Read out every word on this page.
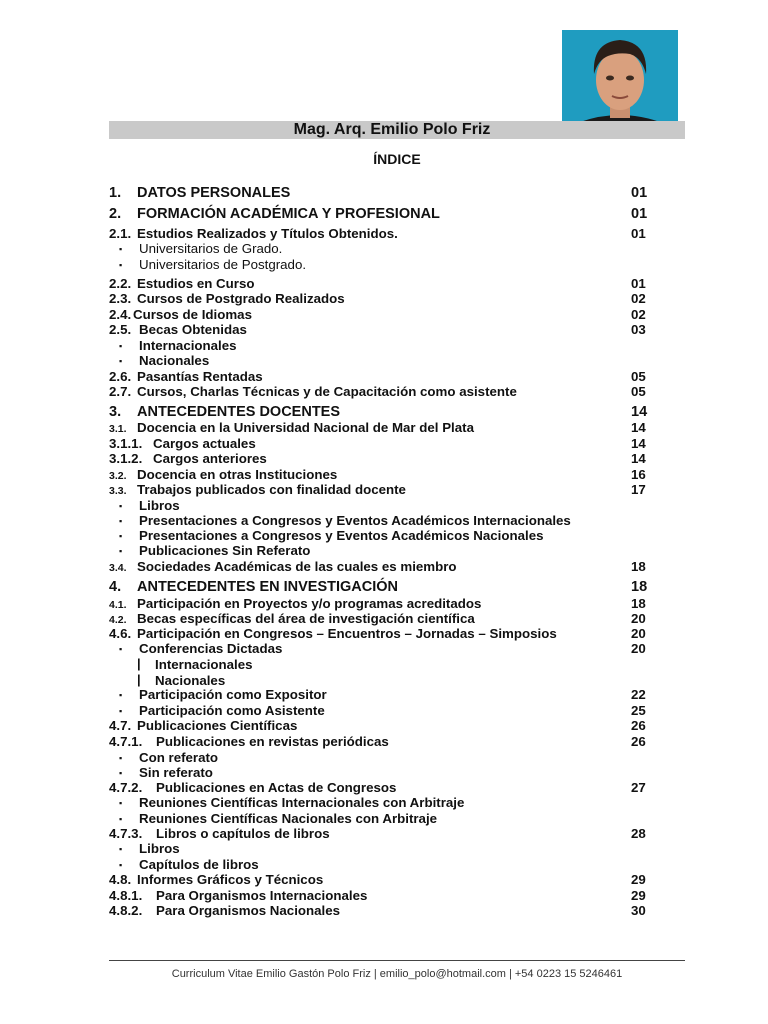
Mag. Arq. Emilio Polo Friz
ÍNDICE
1. DATOS PERSONALES	01
2. FORMACIÓN ACADÉMICA Y PROFESIONAL	01
2.1. Estudios Realizados y Títulos Obtenidos.	01
▪ Universitarios de Grado.
▪ Universitarios de Postgrado.
2.2. Estudios en Curso	01
2.3. Cursos de Postgrado Realizados	02
2.4. Cursos de Idiomas	02
2.5. Becas Obtenidas	03
▪ Internacionales
▪ Nacionales
2.6. Pasantías Rentadas	05
2.7. Cursos, Charlas Técnicas y de Capacitación como asistente	05
3. ANTECEDENTES DOCENTES	14
3.1. Docencia en la Universidad Nacional de Mar del Plata	14
3.1.1. Cargos actuales	14
3.1.2. Cargos anteriores	14
3.2. Docencia en otras Instituciones	16
3.3. Trabajos publicados con finalidad docente	17
▪ Libros
▪ Presentaciones a Congresos y Eventos Académicos Internacionales
▪ Presentaciones a Congresos y Eventos Académicos Nacionales
▪ Publicaciones Sin Referato
3.4. Sociedades Académicas de las cuales es miembro	18
4. ANTECEDENTES EN INVESTIGACIÓN	18
4.1. Participación en Proyectos y/o programas acreditados	18
4.2. Becas específicas del área de investigación científica	20
4.6. Participación en Congresos – Encuentros – Jornadas – Simposios	20
▪ Conferencias Dictadas	20
| Internacionales
| Nacionales
▪ Participación como Expositor	22
▪ Participación como Asistente	25
4.7. Publicaciones Científicas	26
4.7.1. Publicaciones en revistas periódicas	26
▪ Con referato
▪ Sin referato
4.7.2. Publicaciones en Actas de Congresos	27
▪ Reuniones Científicas Internacionales con Arbitraje
▪ Reuniones Científicas Nacionales con Arbitraje
4.7.3. Libros o capítulos de libros	28
▪ Libros
▪ Capítulos de libros
4.8. Informes Gráficos y Técnicos	29
4.8.1. Para Organismos Internacionales	29
4.8.2. Para Organismos Nacionales	30
Curriculum Vitae Emilio Gastón Polo Friz | emilio_polo@hotmail.com | +54 0223 15 5246461
